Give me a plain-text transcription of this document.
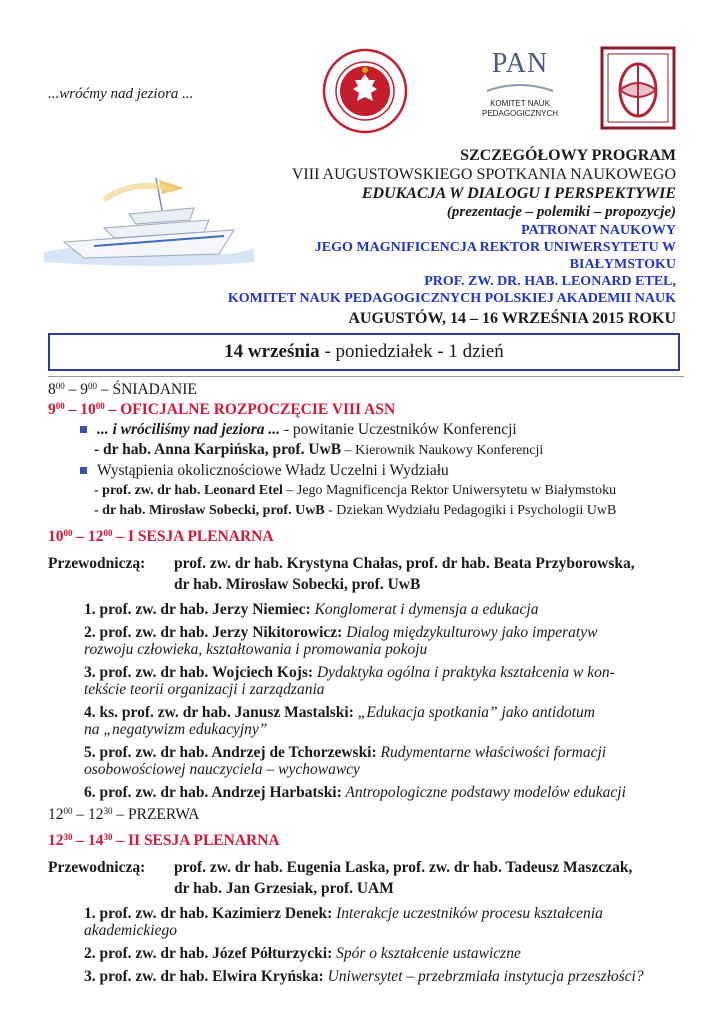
...wróćmy nad jeziora ...
PAN
KOMITET NAUK
PEDAGOGICZNYCH
SZCZEGÓŁOWY PROGRAM
VIII AUGUSTOWSKIEGO SPOTKANIA NAUKOWEGO
EDUKACJA W DIALOGU I PERSPEKTYWIE
(prezentacje – polemiki – propozycje)
PATRONAT NAUKOWY
JEGO MAGNIFICENCJA REKTOR UNIWERSYTETU W BIAŁYMSTOKU
PROF. ZW. DR. HAB. LEONARD ETEL,
KOMITET NAUK PEDAGOGICZNYCH POLSKIEJ AKADEMII NAUK
AUGUSTÓW, 14 – 16 WRZEŚNIA 2015 ROKU
14 września - poniedziałek - 1 dzień
$8^{00} - 9^{00}$ – ŚNIADANIE
$9^{00} - 10^{00}$ – OFICJALNE ROZPOCZĘCIE VIII ASN
... i wróciliśmy nad jeziora ... - powitanie Uczestników Konferencji
- dr hab. Anna Karpińska, prof. UwB – Kierownik Naukowy Konferencji
Wystąpienia okolicznościowe Władz Uczelni i Wydziału
- prof. zw. dr hab. Leonard Etel – Jego Magnificencja Rektor Uniwersytetu w Białymstoku
- dr hab. Mirosław Sobecki, prof. UwB - Dziekan Wydziału Pedagogiki i Psychologii UwB
$10^{00} - 12^{00}$ – I SESJA PLENARNA
Przewodniczą:	prof. zw. dr hab. Krystyna Chałas, prof. dr hab. Beata Przyborowska,
dr hab. Mirosław Sobecki, prof. UwB
1. prof. zw. dr hab. Jerzy Niemiec: Konglomerat i dymensja a edukacja
2. prof. zw. dr hab. Jerzy Nikitorowicz: Dialog międzykulturowy jako imperatyw
rozwoju człowieka, kształtowania i promowania pokoju
3. prof. zw. dr hab. Wojciech Kojs: Dydaktyka ogólna i praktyka kształcenia w kon-
tekście teorii organizacji i zarządzania
4. ks. prof. zw. dr hab. Janusz Mastalski: „Edukacja spotkania” jako antidotum
na „negatywizm edukacyjny”
5. prof. zw. dr hab. Andrzej de Tchorzewski: Rudymentarne właściwości formacji
osobowościowej nauczyciela – wychowawcy
6. prof. zw. dr hab. Andrzej Harbatski: Antropologiczne podstawy modelów edukacji
$12^{00} - 12^{30}$ – PRZERWA
$12^{30} - 14^{30}$ – II SESJA PLENARNA
Przewodniczą:	prof. zw. dr hab. Eugenia Laska, prof. zw. dr hab. Tadeusz Maszczak,
dr hab. Jan Grzesiak, prof. UAM
1. prof. zw. dr hab. Kazimierz Denek: Interakcje uczestników procesu kształcenia
akademickiego
2. prof. zw. dr hab. Józef Półturzycki: Spór o kształcenie ustawiczne
3. prof. zw. dr hab. Elwira Kryńska: Uniwersytet – przebrzmiała instytucja przeszłości?
